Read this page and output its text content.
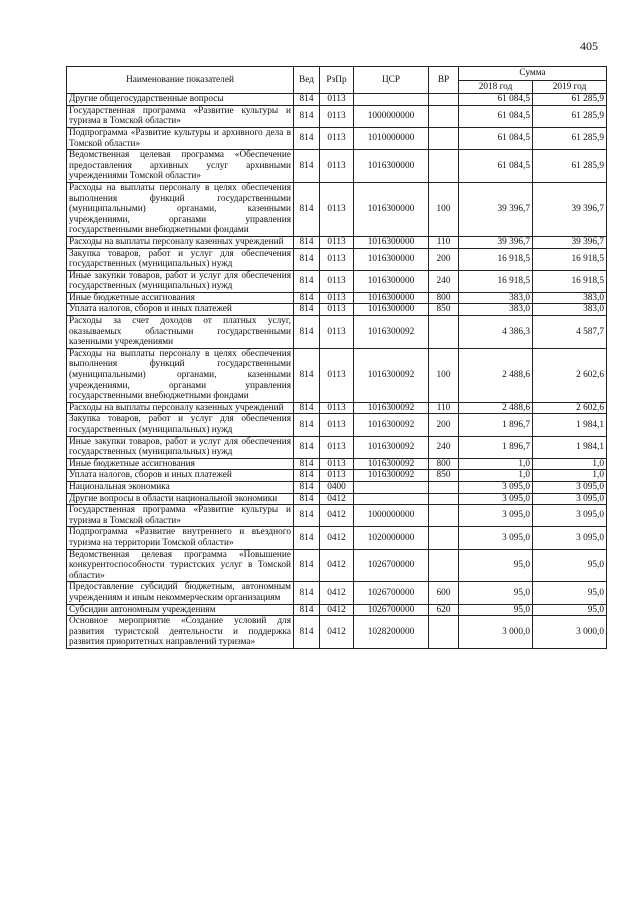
405
Наименование показателей	Вед	РзПр	ЦСР	ВР	Сумма	
					2018 год	2019 год
Другие общегосударственные вопросы	814	0113			61 084,5	61 285,9
Государственная программа «Развитие культуры и туризма в Томской области»	814	0113	1000000000		61 084,5	61 285,9
Подпрограмма «Развитие культуры и архивного дела в Томской области»	814	0113	1010000000		61 084,5	61 285,9
Ведомственная целевая программа «Обеспечение предоставления архивных услуг архивными учреждениями Томской области»	814	0113	1016300000		61 084,5	61 285,9
Расходы на выплаты персоналу в целях обеспечения выполнения функций государственными (муниципальными) органами, казенными учреждениями, органами управления государственными внебюджетными фондами	814	0113	1016300000	100	39 396,7	39 396,7
Расходы на выплаты персоналу казенных учреждений	814	0113	1016300000	110	39 396,7	39 396,7
Закупка товаров, работ и услуг для обеспечения государственных (муниципальных) нужд	814	0113	1016300000	200	16 918,5	16 918,5
Иные закупки товаров, работ и услуг для обеспечения государственных (муниципальных) нужд	814	0113	1016300000	240	16 918,5	16 918,5
Иные бюджетные ассигнования	814	0113	1016300000	800	383,0	383,0
Уплата налогов, сборов и иных платежей	814	0113	1016300000	850	383,0	383,0
Расходы за счет доходов от платных услуг, оказываемых областными государственными казенными учреждениями	814	0113	1016300092		4 386,3	4 587,7
Расходы на выплаты персоналу в целях обеспечения выполнения функций государственными (муниципальными) органами, казенными учреждениями, органами управления государственными внебюджетными фондами	814	0113	1016300092	100	2 488,6	2 602,6
Расходы на выплаты персоналу казенных учреждений	814	0113	1016300092	110	2 488,6	2 602,6
Закупка товаров, работ и услуг для обеспечения государственных (муниципальных) нужд	814	0113	1016300092	200	1 896,7	1 984,1
Иные закупки товаров, работ и услуг для обеспечения государственных (муниципальных) нужд	814	0113	1016300092	240	1 896,7	1 984,1
Иные бюджетные ассигнования	814	0113	1016300092	800	1,0	1,0
Уплата налогов, сборов и иных платежей	814	0113	1016300092	850	1,0	1,0
Национальная экономика	814	0400			3 095,0	3 095,0
Другие вопросы в области национальной экономики	814	0412			3 095,0	3 095,0
Государственная программа «Развитие культуры и туризма в Томской области»	814	0412	1000000000		3 095,0	3 095,0
Подпрограмма «Развитие внутреннего и въездного туризма на территории Томской области»	814	0412	1020000000		3 095,0	3 095,0
Ведомственная целевая программа «Повышение конкурентоспособности туристских услуг в Томской области»	814	0412	1026700000		95,0	95,0
Предоставление субсидий бюджетным, автономным учреждениям и иным некоммерческим организациям	814	0412	1026700000	600	95,0	95,0
Субсидии автономным учреждениям	814	0412	1026700000	620	95,0	95,0
Основное мероприятие «Создание условий для развития туристской деятельности и поддержка развития приоритетных направлений туризма»	814	0412	1028200000		3 000,0	3 000,0
